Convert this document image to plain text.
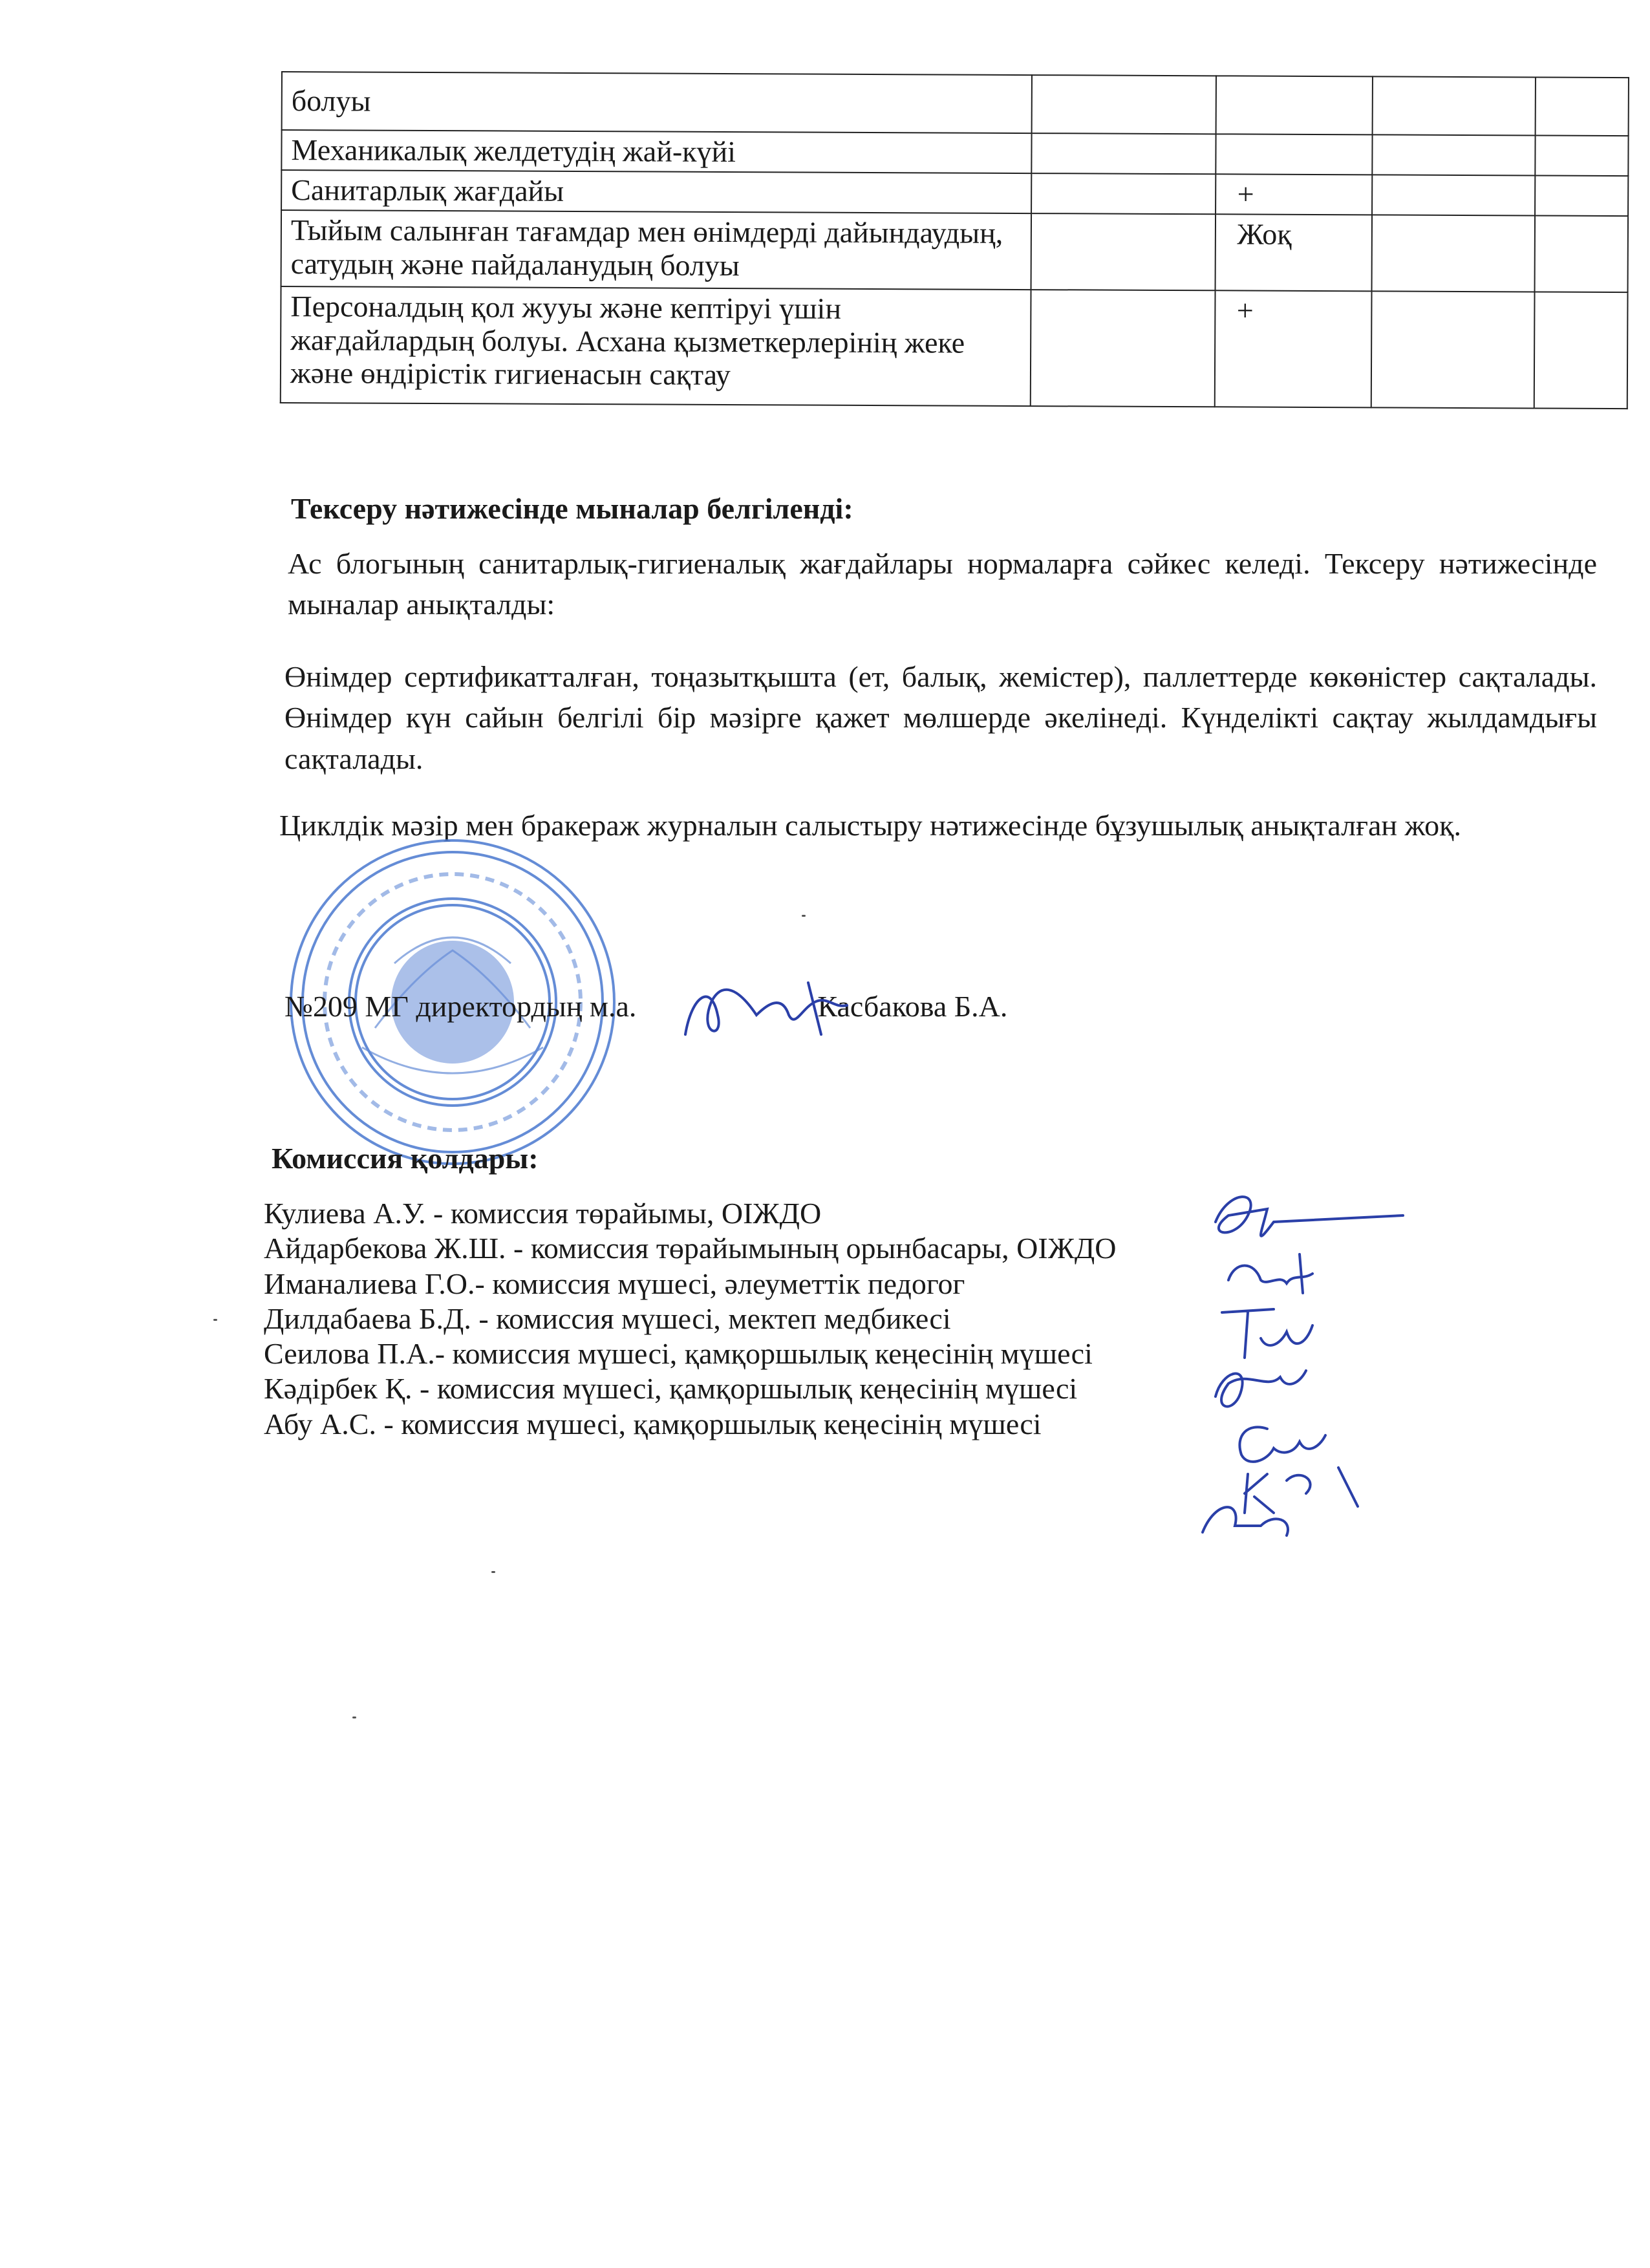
болуы				
Механикалық желдетудің жай-күйі				
Санитарлық жағдайы		+		
Тыйым салынған тағамдар мен өнімдерді дайындаудың, сатудың және пайдаланудың болуы		Жоқ		
Персоналдың қол жууы және кептіруі үшін жағдайлардың болуы. Асхана қызметкерлерінің жеке және өндірістік гигиенасын сақтау		+		
Тексеру нәтижесінде мыналар белгіленді:
Ас блогының санитарлық-гигиеналық жағдайлары нормаларға сәйкес келеді. Тексеру нәтижесінде мыналар анықталды:
Өнімдер сертификатталған, тоңазытқышта (ет, балық, жемістер), паллеттерде көкөністер сақталады. Өнімдер күн сайын белгілі бір мәзірге қажет мөлшерде әкелінеді. Күнделікті сақтау жылдамдығы сақталады.
Циклдік мәзір мен бракераж журналын салыстыру нәтижесінде бұзушылық анықталған жоқ.
№209 МГ директордың м.а.	Касбакова Б.А.
Комиссия қолдары:
Кулиева А.У. - комиссия төрайымы, ОІЖДО
Айдарбекова Ж.Ш. - комиссия төрайымының орынбасары, ОІЖДО
Иманалиева Г.О.- комиссия мүшесі, әлеуметтік педогог
Дилдабаева Б.Д. - комиссия мүшесі, мектеп медбикесі
Сеилова П.А.- комиссия мүшесі, қамқоршылық кеңесінің мүшесі
Кәдірбек Қ. - комиссия мүшесі, қамқоршылық кеңесінің мүшесі
Абу А.С. - комиссия мүшесі, қамқоршылық кеңесінің мүшесі
